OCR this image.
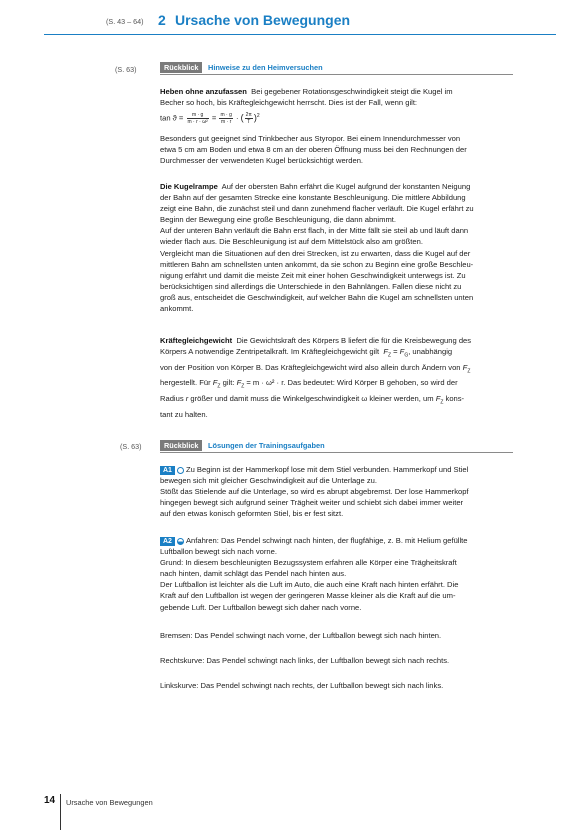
(S. 43 – 64) 2 Ursache von Bewegungen
(S. 63)	Rückblick	Hinweise zu den Heimversuchen

Heben ohne anzufassen Bei gegebener Rotationsgeschwindigkeit steigt die Kugel im

Becher so hoch, bis Kräftegleichgewicht herrscht. Dies ist der Fall, wenn gilt:

$\tan ϑ = \frac{m \cdot g}{\text{m · r · ω²}} = \frac{m \cdot g}{m \cdot r}$ · ( $\frac{2\pi}{T} )^2$

Besonders gut geeignet sind Trinkbecher aus Styropor. Bei einem Innendurchmesser von

etwa 5 cm am Boden und etwa 8 cm an der oberen Öffnung muss bei den Rechnungen der

Durchmesser der verwendeten Kugel berücksichtigt werden.

Die Kugelrampe Auf der obersten Bahn erfährt die Kugel aufgrund der konstanten Neigung

der Bahn auf der gesamten Strecke eine konstante Beschleunigung. Die mittlere Abbildung

zeigt eine Bahn, die zunächst steil und dann zunehmend flacher verläuft. Die Kugel erfährt zu

Beginn der Bewegung eine große Beschleunigung, die dann abnimmt.

Auf der unteren Bahn verläuft die Bahn erst flach, in der Mitte fällt sie steil ab und läuft dann

wieder flach aus. Die Beschleunigung ist auf dem Mittelstück also am größten.

Vergleicht man die Situationen auf den drei Strecken, ist zu erwarten, dass die Kugel auf der

mittleren Bahn am schnellsten unten ankommt, da sie schon zu Beginn eine große Beschleu-

nigung erfährt und damit die meiste Zeit mit einer hohen Geschwindigkeit unterwegs ist. Zu

berücksichtigen sind allerdings die Unterschiede in den Bahnlängen. Fallen diese nicht zu

groß aus, entscheidet die Geschwindigkeit, auf welcher Bahn die Kugel am schnellsten unten

ankommt.

Kräftegleichgewicht Die Gewichtskraft des Körpers B liefert die für die Kreisbewegung des

Körpers A notwendige Zentripetalkraft. Im Kräftegleichgewicht gilt $F_Z = F_G$, unabhängig

von der Position von Körper B. Das Kräftegleichgewicht wird also allein durch Ändern von $F_Z$

hergestellt. Für $F_Z$ gilt: $F_Z = m \cdot \omega^2 \cdot r$. Das bedeutet: Wird Körper B gehoben, so wird der

Radius r größer und damit muss die Winkelgeschwindigkeit ω kleiner werden, um $F_Z$ kons-

tant zu halten.

(S. 63)	Rückblick	Lösungen der Trainingsaufgaben

A1 Zu Beginn ist der Hammerkopf lose mit dem Stiel verbunden. Hammerkopf und Stiel

bewegen sich mit gleicher Geschwindigkeit auf die Unterlage zu.

Stößt das Stielende auf die Unterlage, so wird es abrupt abgebremst. Der lose Hammerkopf

hingegen bewegt sich aufgrund seiner Trägheit weiter und schiebt sich dabei immer weiter

auf den etwas konisch geformten Stiel, bis er fest sitzt.

A2 Anfahren: Das Pendel schwingt nach hinten, der flugfähige, z. B. mit Helium gefüllte

Luftballon bewegt sich nach vorne.

Grund: In diesem beschleunigten Bezugssystem erfahren alle Körper eine Trägheitskraft

nach hinten, damit schlägt das Pendel nach hinten aus.

Der Luftballon ist leichter als die Luft im Auto, die auch eine Kraft nach hinten erfährt. Die

Kraft auf den Luftballon ist wegen der geringeren Masse kleiner als die Kraft auf die um-

gebende Luft. Der Luftballon bewegt sich daher nach vorne.

Bremsen: Das Pendel schwingt nach vorne, der Luftballon bewegt sich nach hinten.

Rechtskurve: Das Pendel schwingt nach links, der Luftballon bewegt sich nach rechts.

Linkskurve: Das Pendel schwingt nach rechts, der Luftballon bewegt sich nach links.

14 Ursache von Bewegungen
